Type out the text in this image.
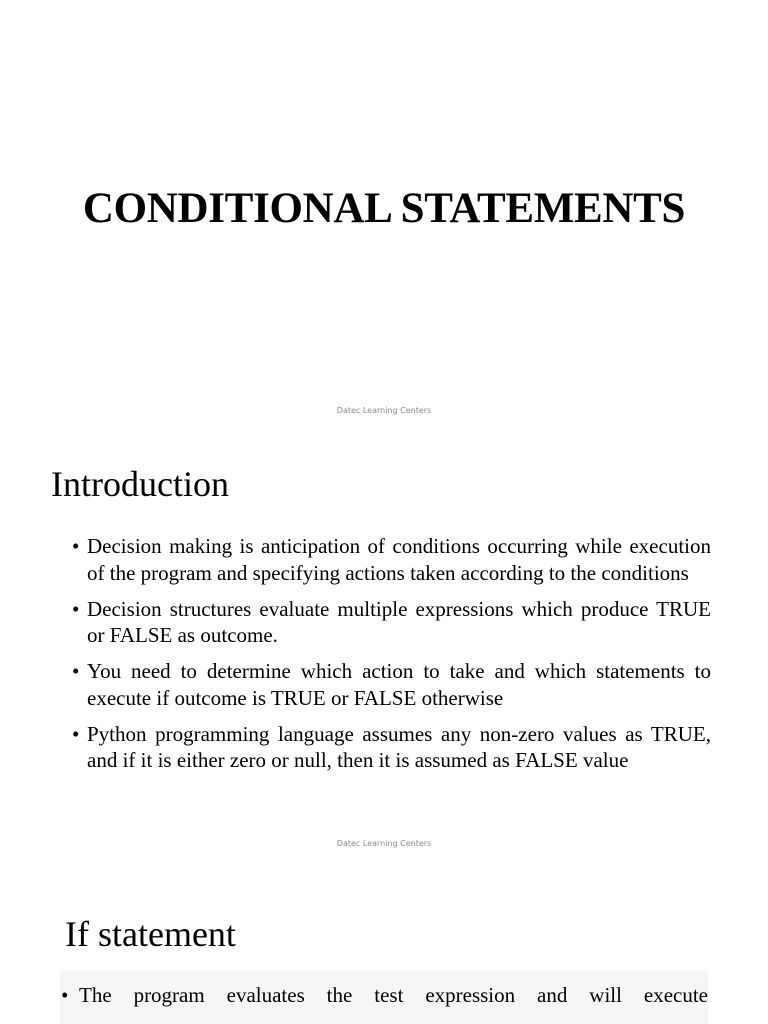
CONDITIONAL STATEMENTS
Datec Learning Centers
Introduction
• Decision making is anticipation of conditions occurring while execution of the program and specifying actions taken according to the conditions
• Decision structures evaluate multiple expressions which produce TRUE or FALSE as outcome.
• You need to determine which action to take and which statements to execute if outcome is TRUE or FALSE otherwise
• Python programming language assumes any non-zero values as TRUE, and if it is either zero or null, then it is assumed as FALSE value
Datec Learning Centers
If statement
• The program evaluates the test expression and will execute
